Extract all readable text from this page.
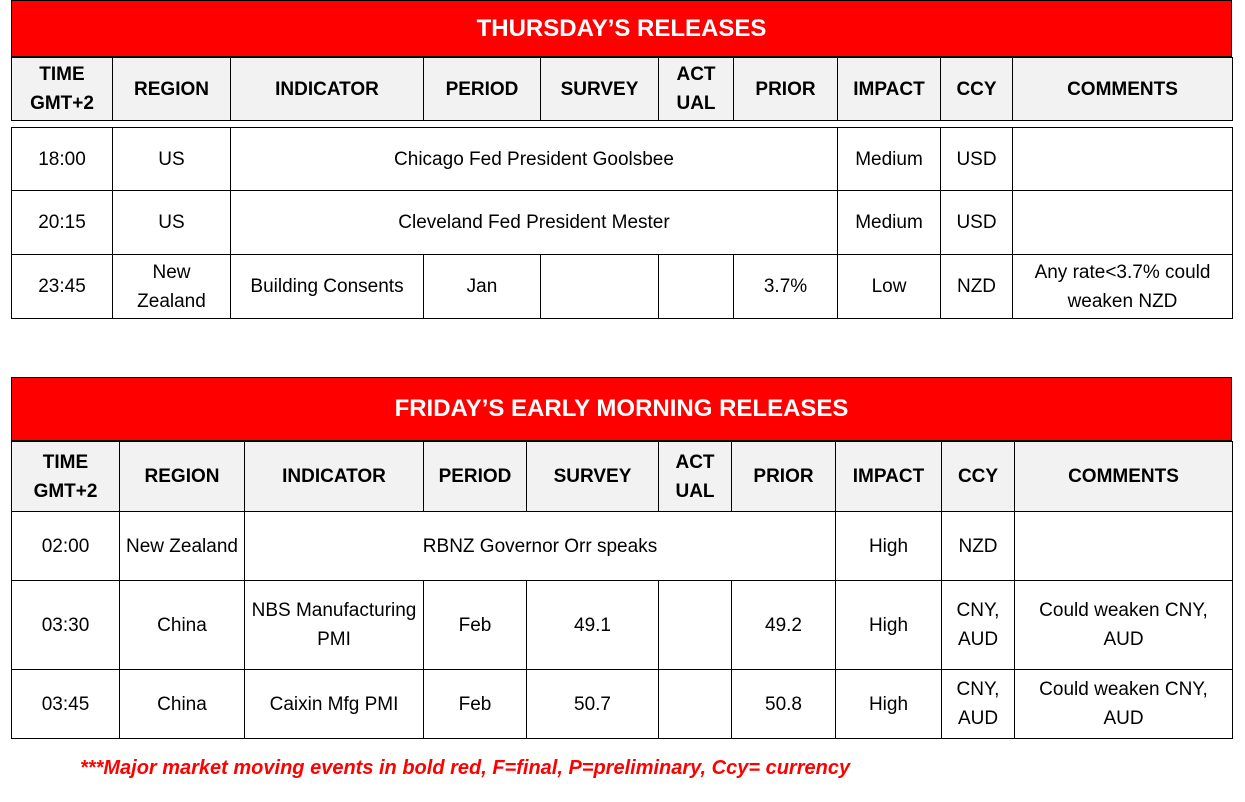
THURSDAY’S RELEASES
TIME GMT+2	REGION	INDICATOR	PERIOD	SURVEY	ACT UAL	PRIOR	IMPACT	CCY	COMMENTS

18:00	US	Chicago Fed President Goolsbee					Medium	USD	
20:15	US	Cleveland Fed President Mester					Medium	USD	
23:45	New Zealand	Building Consents	Jan			3.7%	Low	NZD	Any rate<3.7% could weaken NZD
FRIDAY’S EARLY MORNING RELEASES
TIME GMT+2	REGION	INDICATOR	PERIOD	SURVEY	ACT UAL	PRIOR	IMPACT	CCY	COMMENTS
02:00	New Zealand	RBNZ Governor Orr speaks					High	NZD	
03:30	China	NBS Manufacturing PMI	Feb	49.1		49.2	High	CNY, AUD	Could weaken CNY, AUD
03:45	China	Caixin Mfg PMI	Feb	50.7		50.8	High	CNY, AUD	Could weaken CNY, AUD
***Major market moving events in bold red, F=final, P=preliminary, Ccy= currency
